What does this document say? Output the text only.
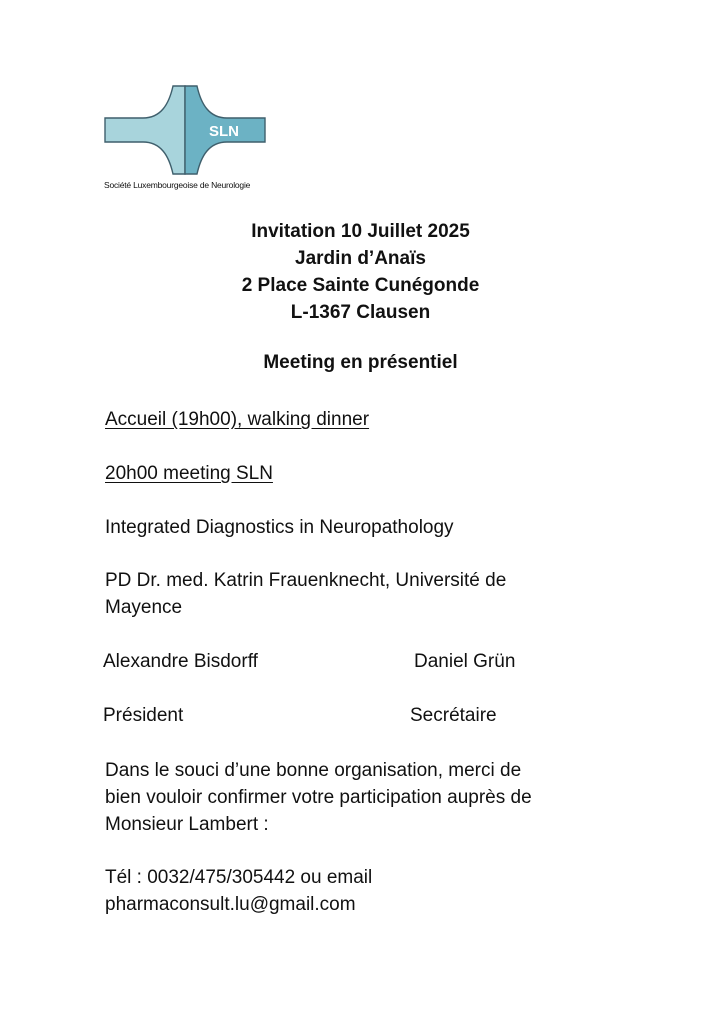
SLN
Société Luxembourgeoise de Neurologie
Invitation 10 Juillet 2025
Jardin d’Anaïs
2 Place Sainte Cunégonde
L-1367 Clausen
Meeting en présentiel
Accueil (19h00), walking dinner
20h00 meeting SLN
Integrated Diagnostics in Neuropathology
PD Dr. med. Katrin Frauenknecht, Université de
Mayence
Alexandre Bisdorff	Daniel Grün
Président	Secrétaire
Dans le souci d’une bonne organisation, merci de
bien vouloir confirmer votre participation auprès de
Monsieur Lambert :
Tél : 0032/475/305442 ou email
pharmaconsult.lu@gmail.com
